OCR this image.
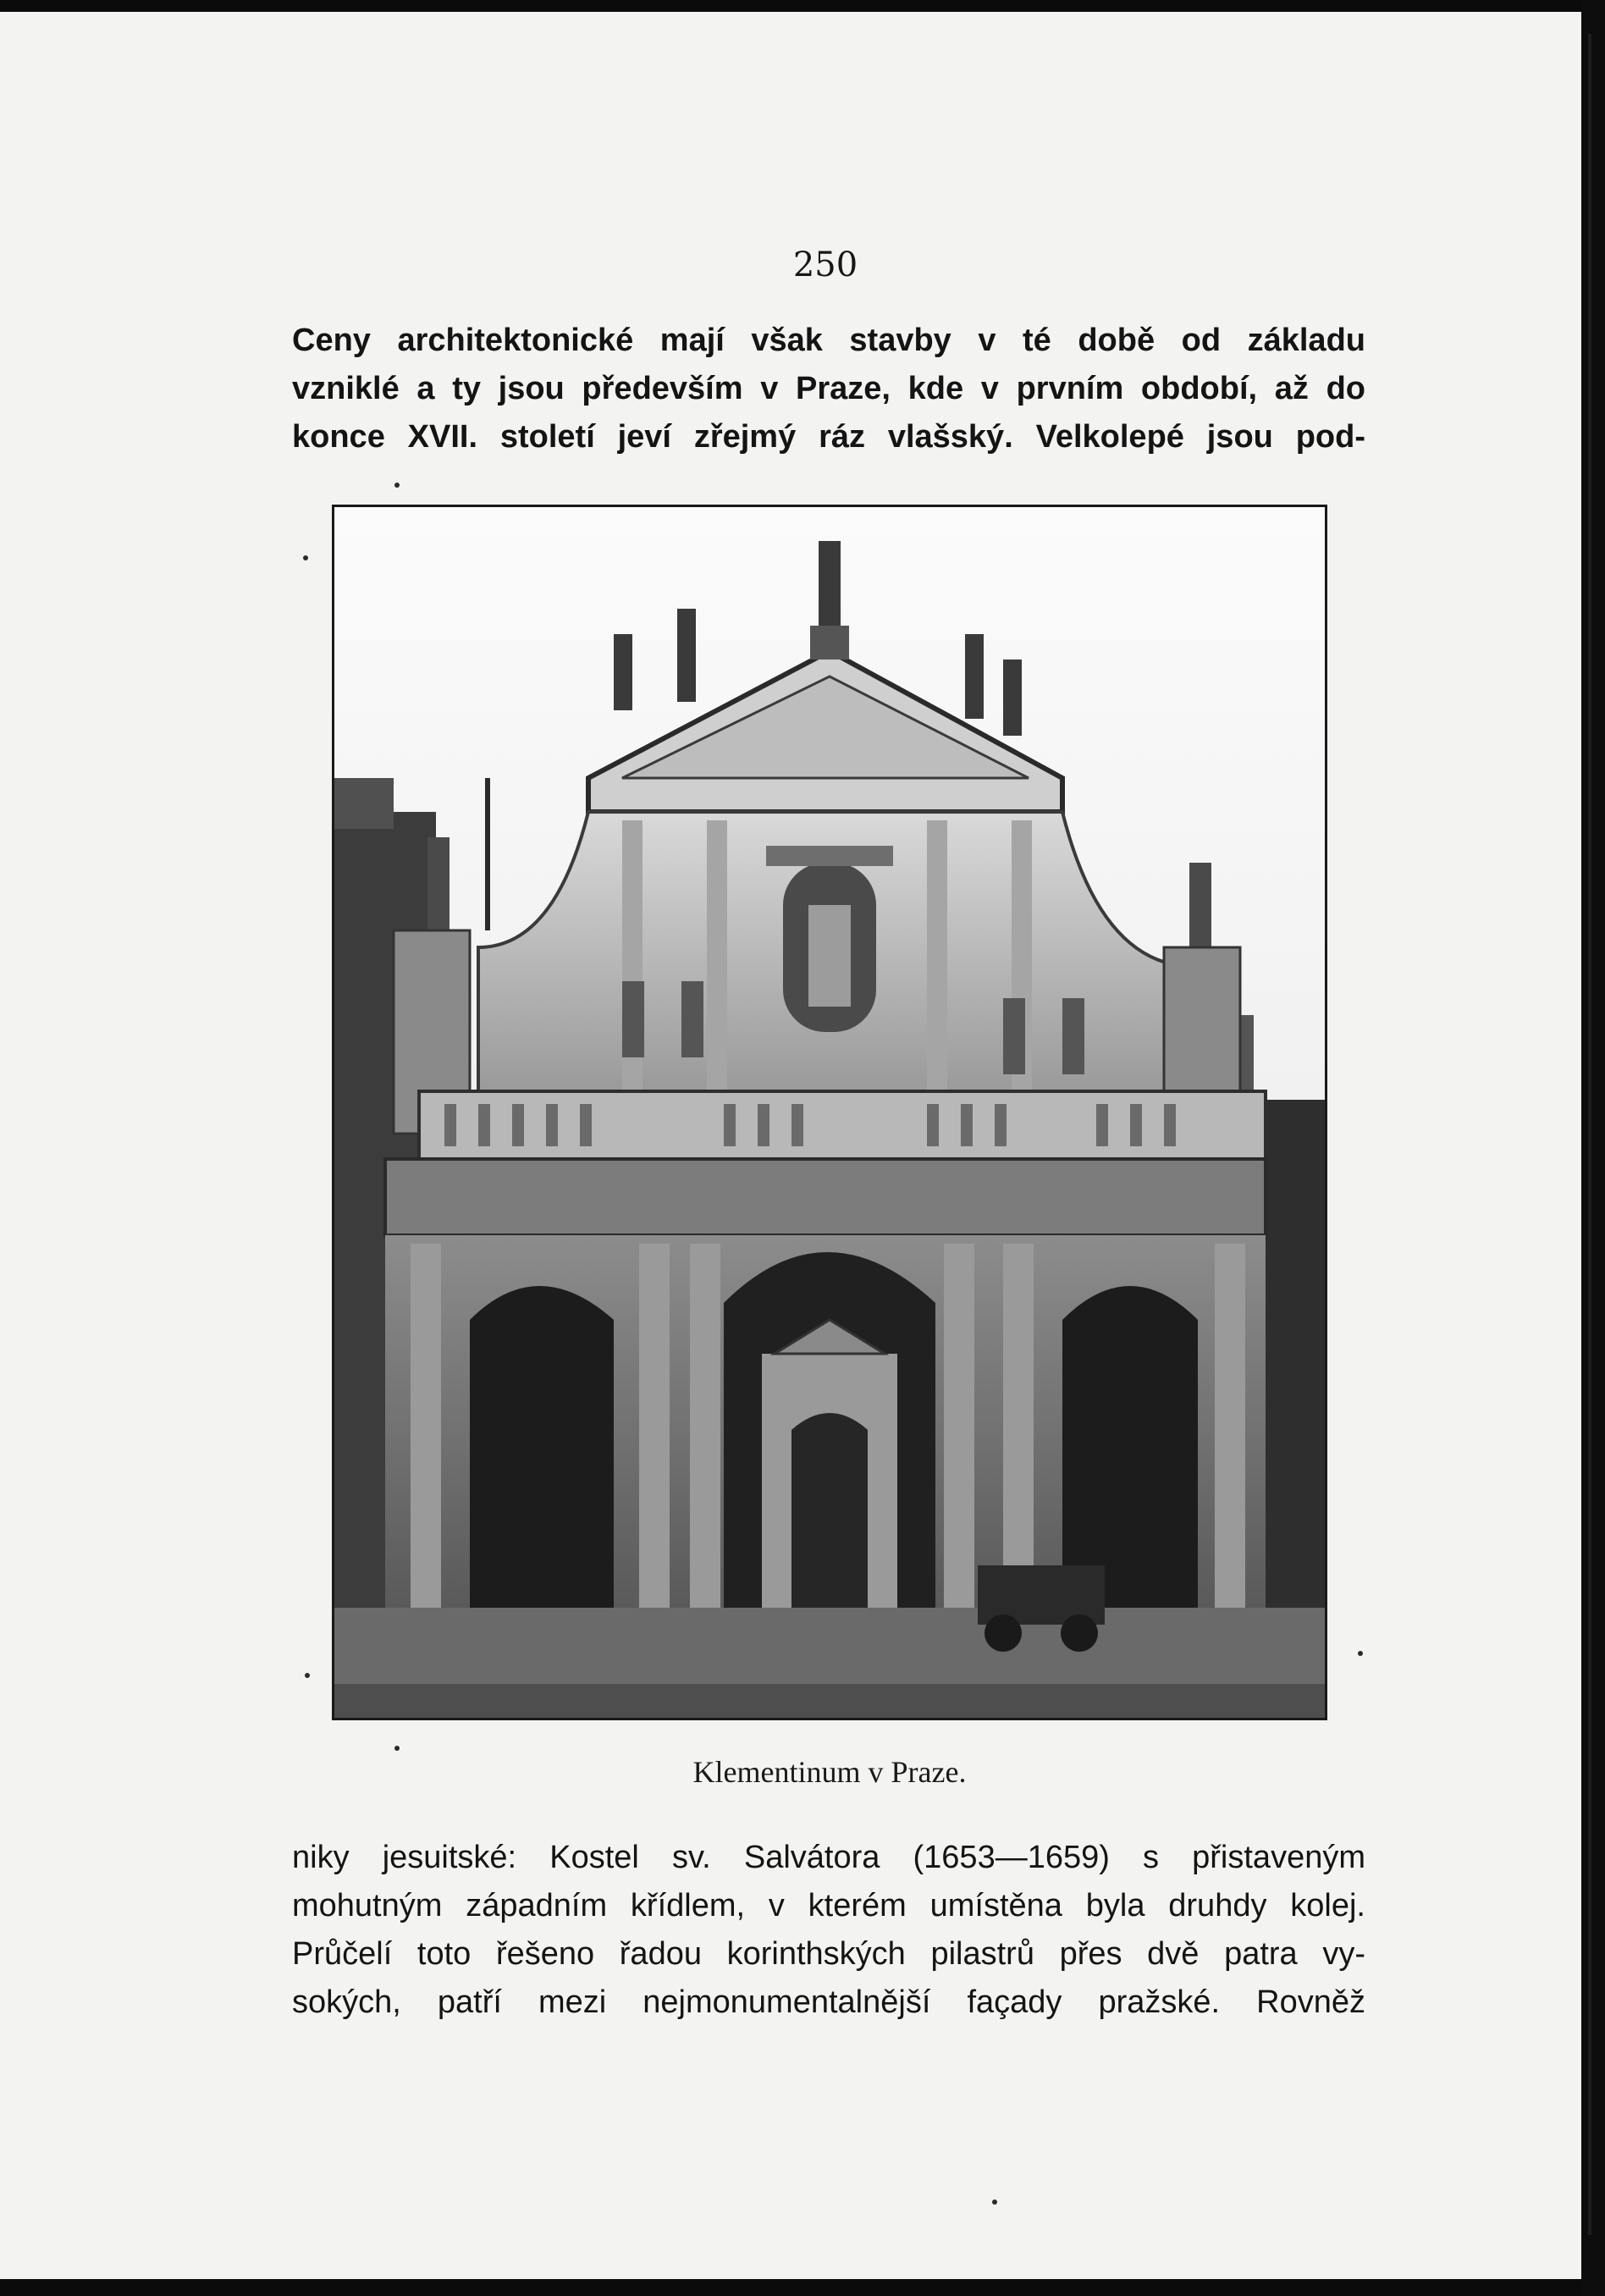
250
Ceny architektonické mají však stavby v té době od základu
vzniklé a ty jsou především v Praze, kde v prvním období, až do
konce XVII. století jeví zřejmý ráz vlašský. Velkolepé jsou pod-
Klementinum v Praze.
niky jesuitské: Kostel sv. Salvátora (1653—1659) s přistaveným
mohutným západním křídlem, v kterém umístěna byla druhdy kolej.
Průčelí toto řešeno řadou korinthských pilastrů přes dvě patra vy-
sokých, patří mezi nejmonumentalnější façady pražské. Rovněž
